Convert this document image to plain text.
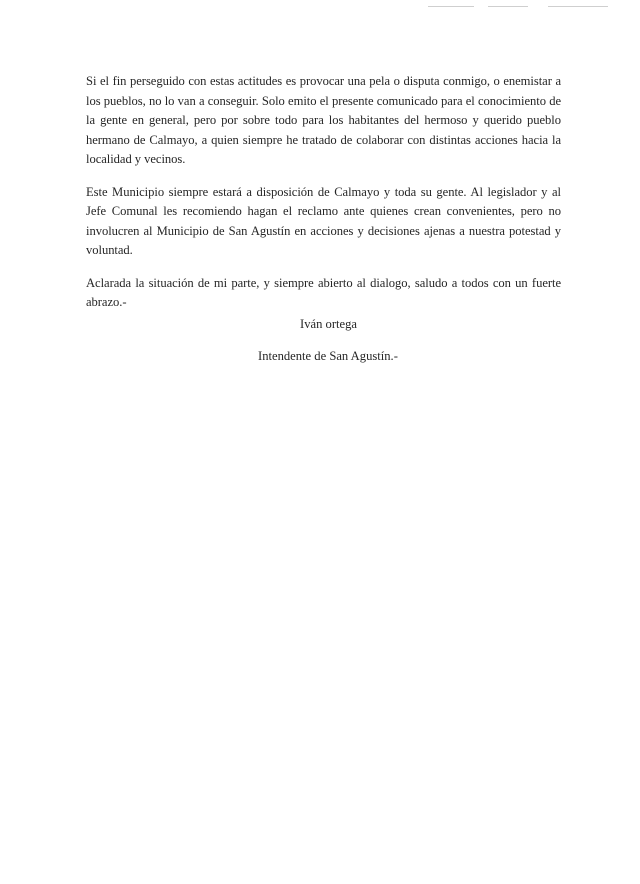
Si el fin perseguido con estas actitudes es provocar una pela o disputa conmigo, o enemistar a los pueblos, no lo van a conseguir. Solo emito el presente comunicado para el conocimiento de la gente en general, pero por sobre todo para los habitantes del hermoso y querido pueblo hermano de Calmayo, a quien siempre he tratado de colaborar con distintas acciones hacia la localidad y vecinos.

Este Municipio siempre estará a disposición de Calmayo y toda su gente. Al legislador y al Jefe Comunal les recomiendo hagan el reclamo ante quienes crean convenientes, pero no involucren al Municipio de San Agustín en acciones y decisiones ajenas a nuestra potestad y voluntad.

Aclarada la situación de mi parte, y siempre abierto al dialogo, saludo a todos con un fuerte abrazo.-

Iván ortega
Intendente de San Agustín.-
